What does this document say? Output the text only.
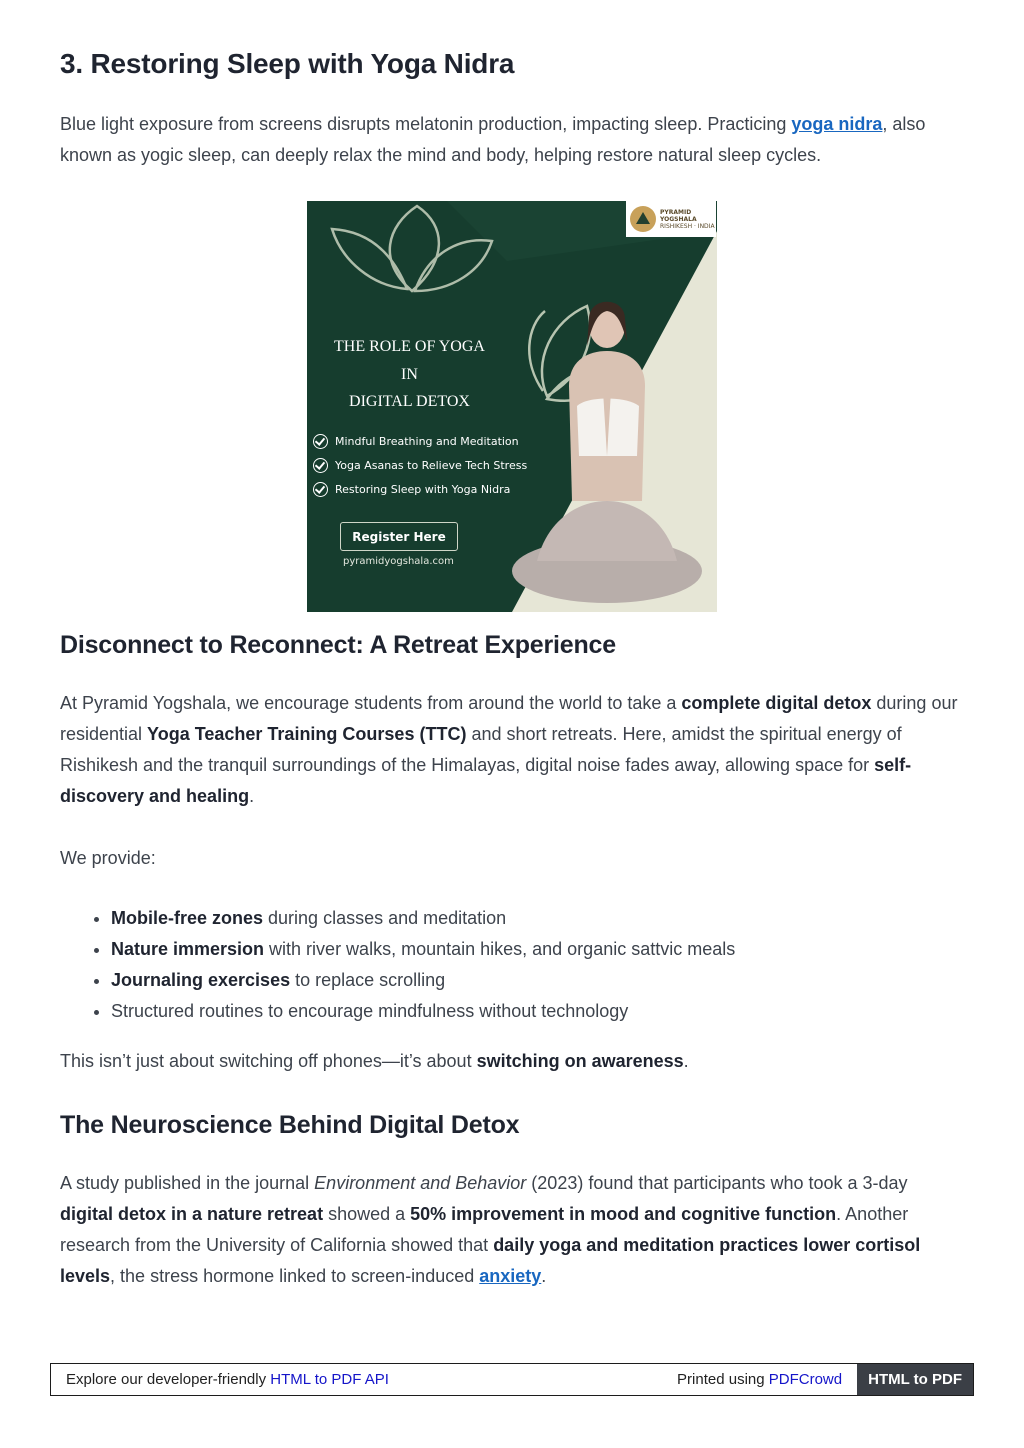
3. Restoring Sleep with Yoga Nidra

Blue light exposure from screens disrupts melatonin production, impacting sleep. Practicing yoga nidra, also known as yogic sleep, can deeply relax the mind and body, helping restore natural sleep cycles.

Disconnect to Reconnect: A Retreat Experience

At Pyramid Yogshala, we encourage students from around the world to take a complete digital detox during our residential Yoga Teacher Training Courses (TTC) and short retreats. Here, amidst the spiritual energy of Rishikesh and the tranquil surroundings of the Himalayas, digital noise fades away, allowing space for self-discovery and healing.

We provide:

• Mobile-free zones during classes and meditation
• Nature immersion with river walks, mountain hikes, and organic sattvic meals
• Journaling exercises to replace scrolling
• Structured routines to encourage mindfulness without technology

This isn’t just about switching off phones—it’s about switching on awareness.

The Neuroscience Behind Digital Detox

A study published in the journal Environment and Behavior (2023) found that participants who took a 3-day digital detox in a nature retreat showed a 50% improvement in mood and cognitive function. Another research from the University of California showed that daily yoga and meditation practices lower cortisol levels, the stress hormone linked to screen-induced anxiety.

PYRAMID YOGSHALA
RISHIKESH · INDIA
THE ROLE OF YOGA
IN
DIGITAL DETOX
Mindful Breathing and Meditation
Yoga Asanas to Relieve Tech Stress
Restoring Sleep with Yoga Nidra
Register Here
pyramidyogshala.com
Explore our developer-friendly HTML to PDF API	Printed using PDFCrowd	HTML to PDF
